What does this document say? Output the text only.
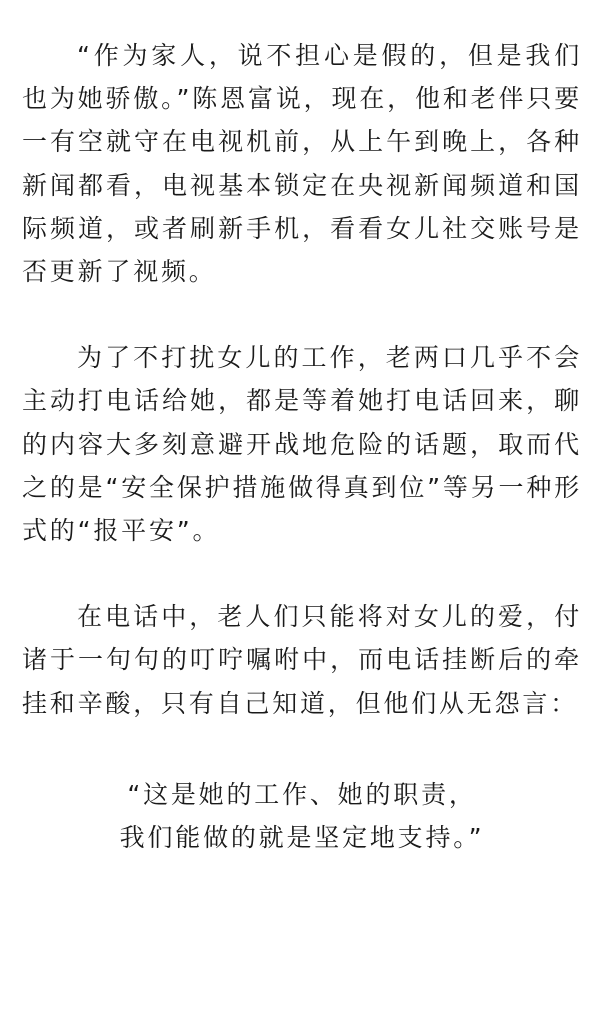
“作为家人，说不担心是假的，但是我们也为她骄傲。”陈恩富说，现在，他和老伴只要一有空就守在电视机前，从上午到晚上，各种新闻都看，电视基本锁定在央视新闻频道和国际频道，或者刷新手机，看看女儿社交账号是否更新了视频。

为了不打扰女儿的工作，老两口几乎不会主动打电话给她，都是等着她打电话回来，聊的内容大多刻意避开战地危险的话题，取而代之的是“安全保护措施做得真到位”等另一种形式的“报平安”。

在电话中，老人们只能将对女儿的爱，付诸于一句句的叮咛嘱咐中，而电话挂断后的牵挂和辛酸，只有自己知道，但他们从无怨言：

“这是她的工作、她的职责，
我们能做的就是坚定地支持。”
